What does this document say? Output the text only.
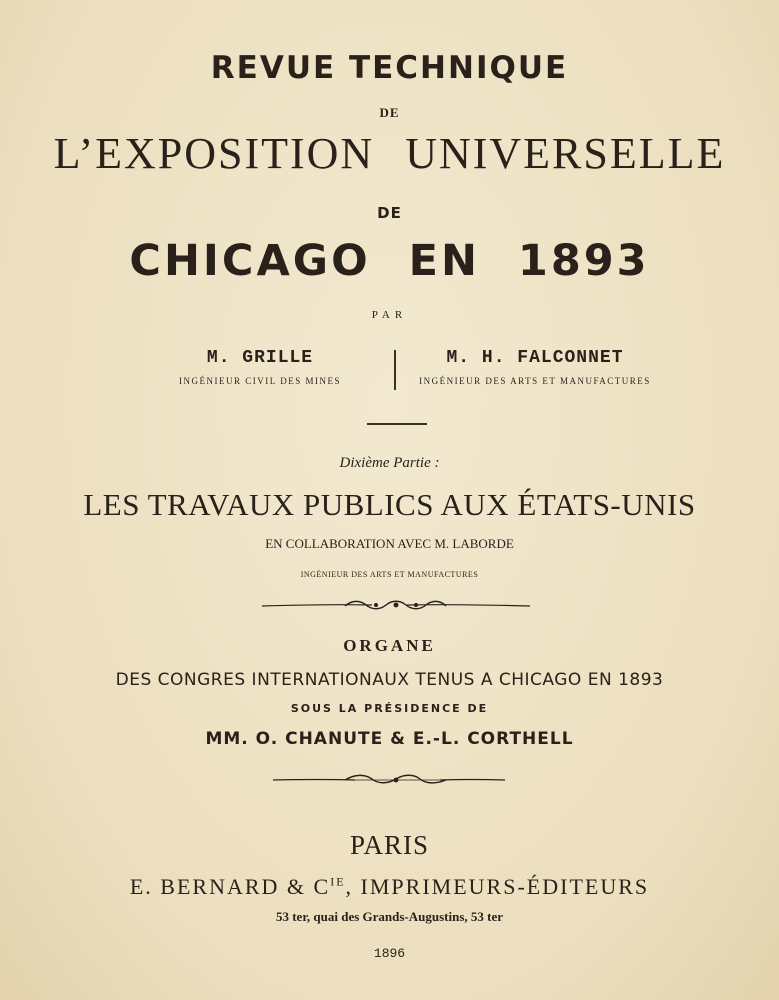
REVUE TECHNIQUE
DE
L’EXPOSITION UNIVERSELLE
DE
CHICAGO EN 1893
PAR
M. GRILLE
INGÉNIEUR CIVIL DES MINES
M. H. FALCONNET
INGÉNIEUR DES ARTS ET MANUFACTURES
Dixième Partie :
LES TRAVAUX PUBLICS AUX ÉTATS-UNIS
EN COLLABORATION AVEC M. LABORDE
INGÉNIEUR DES ARTS ET MANUFACTURES
ORGANE
DES CONGRES INTERNATIONAUX TENUS A CHICAGO EN 1893
SOUS LA PRÉSIDENCE DE
MM. O. CHANUTE & E.-L. CORTHELL
PARIS
E. BERNARD & $C^{IE}$, IMPRIMEURS-ÉDITEURS
53 ter, quai des Grands-Augustins, 53 ter
1896
